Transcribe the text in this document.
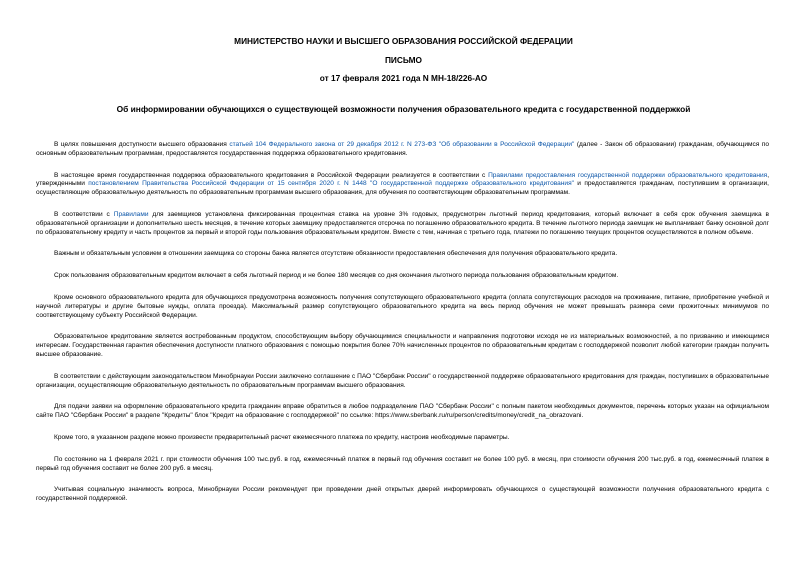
МИНИСТЕРСТВО НАУКИ И ВЫСШЕГО ОБРАЗОВАНИЯ РОССИЙСКОЙ ФЕДЕРАЦИИ
ПИСЬМО
от 17 февраля 2021 года N МН-18/226-АО
Об информировании обучающихся о существующей возможности получения образовательного кредита с государственной поддержкой

В целях повышения доступности высшего образования статьей 104 Федерального закона от 29 декабря 2012 г. N 273-ФЗ "Об образовании в Российской Федерации" (далее - Закон об образовании) гражданам, обучающимся по основным образовательным программам, предоставляется государственная поддержка образовательного кредитования.

В настоящее время государственная поддержка образовательного кредитования в Российской Федерации реализуется в соответствии с Правилами предоставления государственной поддержки образовательного кредитования, утвержденными постановлением Правительства Российской Федерации от 15 сентября 2020 г. N 1448 "О государственной поддержке образовательного кредитования" и предоставляется гражданам, поступившим в организации, осуществляющие образовательную деятельность по образовательным программам высшего образования, для обучения по соответствующим образовательным программам.

В соответствии с Правилами для заемщиков установлена фиксированная процентная ставка на уровне 3% годовых, предусмотрен льготный период кредитования, который включает в себя срок обучения заемщика в образовательной организации и дополнительно шесть месяцев, в течение которых заемщику предоставляется отсрочка по погашению образовательного кредита. В течение льготного периода заемщик не выплачивает банку основной долг по образовательному кредиту и часть процентов за первый и второй годы пользования образовательным кредитом. Вместе с тем, начиная с третьего года, платежи по погашению текущих процентов осуществляются в полном объеме.

Важным и обязательным условием в отношении заемщика со стороны банка является отсутствие обязанности предоставления обеспечения для получения образовательного кредита.

Срок пользования образовательным кредитом включает в себя льготный период и не более 180 месяцев со дня окончания льготного периода пользования образовательным кредитом.

Кроме основного образовательного кредита для обучающихся предусмотрена возможность получения сопутствующего образовательного кредита (оплата сопутствующих расходов на проживание, питание, приобретение учебной и научной литературы и другие бытовые нужды, оплата проезда). Максимальный размер сопутствующего образовательного кредита на весь период обучения не может превышать размера семи прожиточных минимумов по соответствующему субъекту Российской Федерации.

Образовательное кредитование является востребованным продуктом, способствующим выбору обучающимися специальности и направления подготовки исходя не из материальных возможностей, а по призванию и имеющимся интересам. Государственная гарантия обеспечения доступности платного образования с помощью покрытия более 70% начисленных процентов по образовательным кредитам с господдержкой позволит любой категории граждан получить высшее образование.

В соответствии с действующим законодательством Минобрнауки России заключено соглашение с ПАО "Сбербанк России" о государственной поддержке образовательного кредитования для граждан, поступивших в образовательные организации, осуществляющие образовательную деятельность по образовательным программам высшего образования.

Для подачи заявки на оформление образовательного кредита гражданин вправе обратиться в любое подразделение ПАО "Сбербанк России" с полным пакетом необходимых документов, перечень которых указан на официальном сайте ПАО "Сбербанк России" в разделе "Кредиты" блок "Кредит на образование с господдержкой" по ссылке: https://www.sberbank.ru/ru/person/credits/money/credit_na_obrazovani.

Кроме того, в указанном разделе можно произвести предварительный расчет ежемесячного платежа по кредиту, настроив необходимые параметры.

По состоянию на 1 февраля 2021 г. при стоимости обучения 100 тыс.руб. в год, ежемесячный платеж в первый год обучения составит не более 100 руб. в месяц, при стоимости обучения 200 тыс.руб. в год, ежемесячный платеж в первый год обучения составит не более 200 руб. в месяц.

Учитывая социальную значимость вопроса, Минобрнауки России рекомендует при проведении дней открытых дверей информировать обучающихся о существующей возможности получения образовательного кредита с государственной поддержкой.
